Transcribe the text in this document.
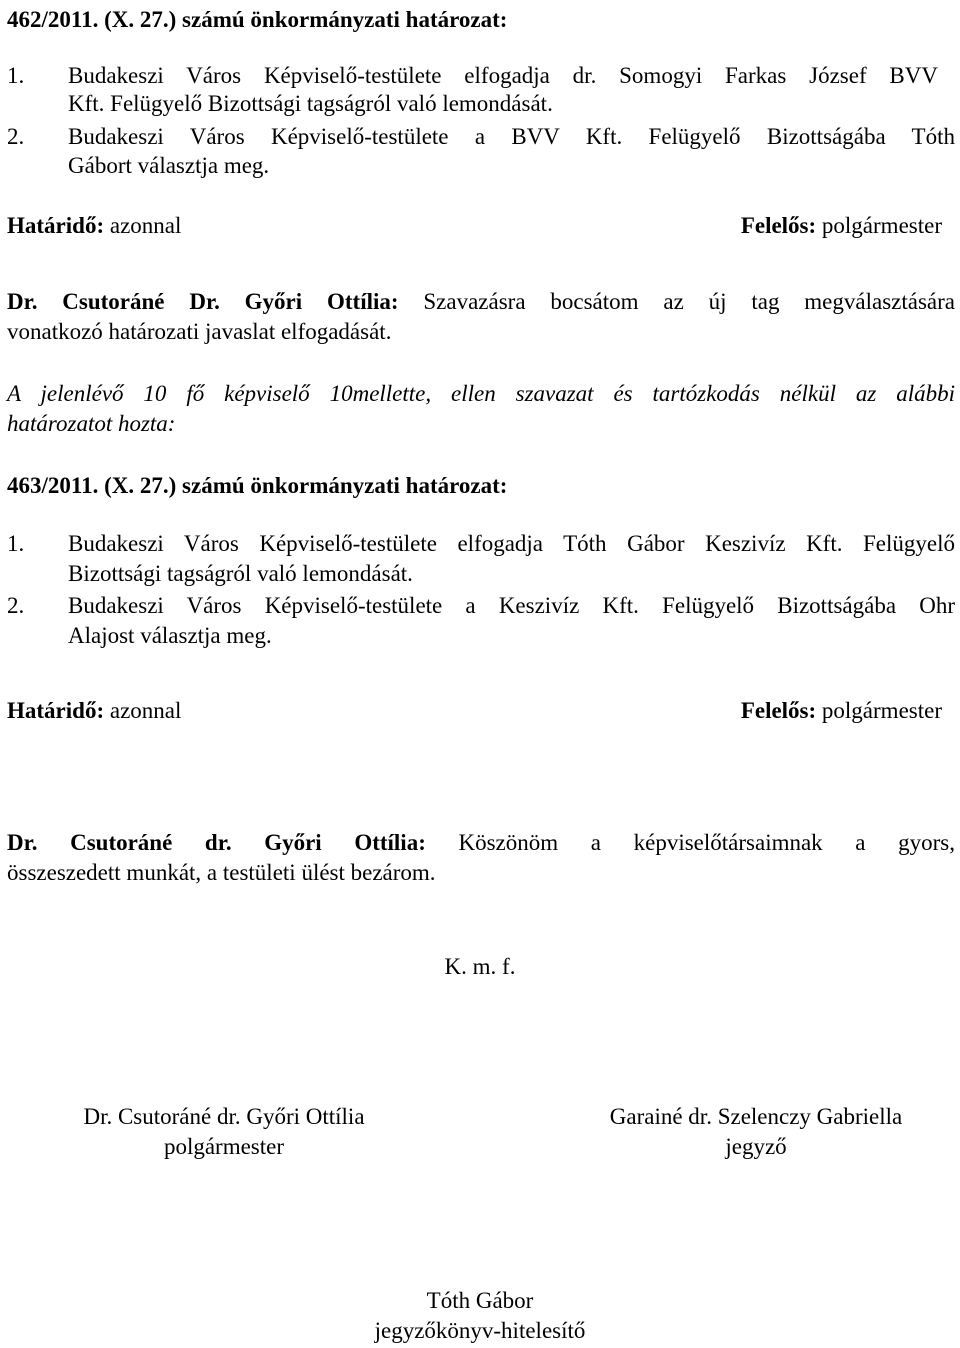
462/2011. (X. 27.) számú önkormányzati határozat:
1. Budakeszi Város Képviselő-testülete elfogadja dr. Somogyi Farkas József BVV
Kft. Felügyelő Bizottsági tagságról való lemondását.
2. Budakeszi Város Képviselő-testülete a BVV Kft. Felügyelő Bizottságába Tóth
Gábort választja meg.
Határidő: azonnal	Felelős: polgármester
Dr. Csutoráné Dr. Győri Ottília: Szavazásra bocsátom az új tag megválasztására
vonatkozó határozati javaslat elfogadását.
A jelenlévő 10 fő képviselő 10mellette, ellen szavazat és tartózkodás nélkül az alábbi
határozatot hozta:
463/2011. (X. 27.) számú önkormányzati határozat:
1. Budakeszi Város Képviselő-testülete elfogadja Tóth Gábor Keszivíz Kft. Felügyelő
Bizottsági tagságról való lemondását.
2. Budakeszi Város Képviselő-testülete a Keszivíz Kft. Felügyelő Bizottságába Ohr
Alajost választja meg.
Határidő: azonnal	Felelős: polgármester
Dr. Csutoráné dr. Győri Ottília: Köszönöm a képviselőtársaimnak a gyors,
összeszedett munkát, a testületi ülést bezárom.
K. m. f.
Dr. Csutoráné dr. Győri Ottília
polgármester
Garainé dr. Szelenczy Gabriella
jegyző
Tóth Gábor
jegyzőkönyv-hitelesítő
